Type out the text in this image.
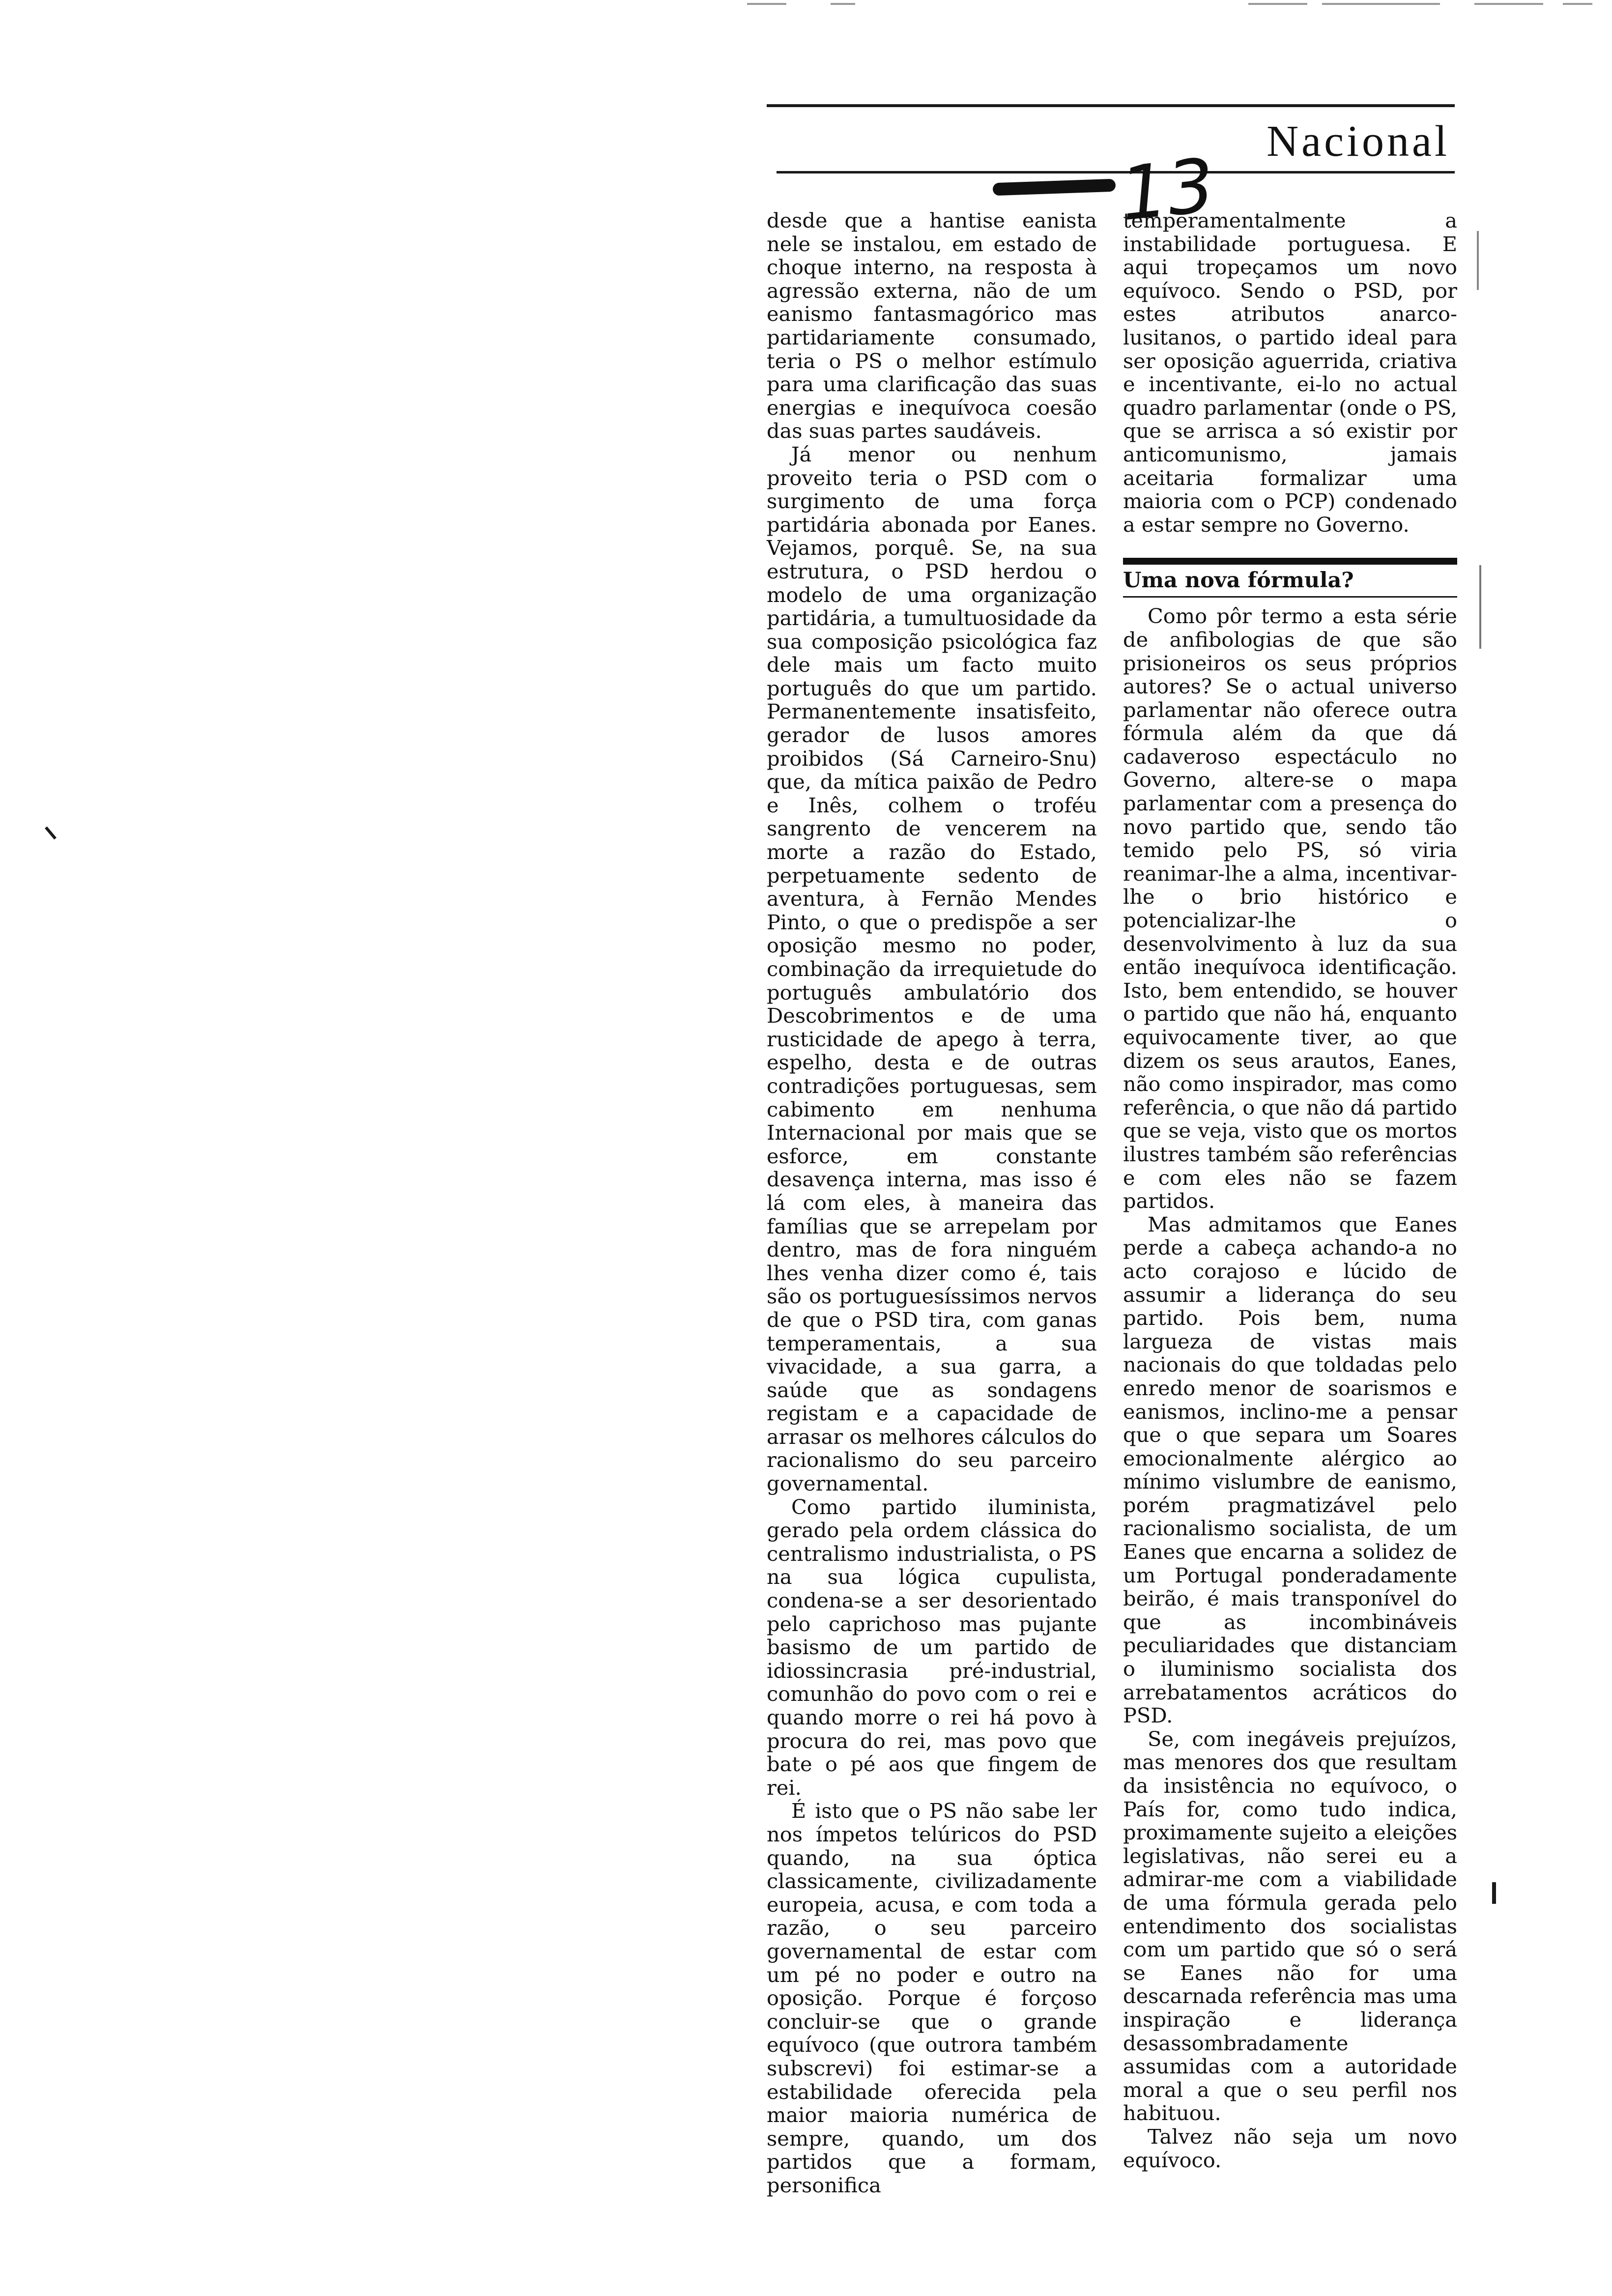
Nacional
13

desde que a hantise eanista nele se instalou, em estado de choque interno, na resposta à agressão externa, não de um eanismo fantasmagórico mas partidariamente consumado, teria o PS o melhor estímulo para uma clarificação das suas energias e inequívoca coesão das suas partes saudáveis.

Já menor ou nenhum proveito teria o PSD com o surgimento de uma força partidária abonada por Eanes. Vejamos, porquê. Se, na sua estrutura, o PSD herdou o modelo de uma organização partidária, a tumultuosidade da sua composição psicológica faz dele mais um facto muito português do que um partido. Permanentemente insatisfeito, gerador de lusos amores proibidos (Sá Carneiro-Snu) que, da mítica paixão de Pedro e Inês, colhem o troféu sangrento de vencerem na morte a razão do Estado, perpetuamente sedento de aventura, à Fernão Mendes Pinto, o que o predispõe a ser oposição mesmo no poder, combinação da irrequietude do português ambulatório dos Descobrimentos e de uma rusticidade de apego à terra, espelho, desta e de outras contradições portuguesas, sem cabimento em nenhuma Internacional por mais que se esforce, em constante desavença interna, mas isso é lá com eles, à maneira das famílias que se arrepelam por dentro, mas de fora ninguém lhes venha dizer como é, tais são os portuguesíssimos nervos de que o PSD tira, com ganas temperamentais, a sua vivacidade, a sua garra, a saúde que as sondagens registam e a capacidade de arrasar os melhores cálculos do racionalismo do seu parceiro governamental.

Como partido iluminista, gerado pela ordem clássica do centralismo industrialista, o PS na sua lógica cupulista, condena-se a ser desorientado pelo caprichoso mas pujante basismo de um partido de idiossincrasia pré-industrial, comunhão do povo com o rei e quando morre o rei há povo à procura do rei, mas povo que bate o pé aos que fingem de rei.

É isto que o PS não sabe ler nos ímpetos telúricos do PSD quando, na sua óptica classicamente, civilizadamente europeia, acusa, e com toda a razão, o seu parceiro governamental de estar com um pé no poder e outro na oposição. Porque é forçoso concluir-se que o grande equívoco (que outrora também subscrevi) foi estimar-se a estabilidade oferecida pela maior maioria numérica de sempre, quando, um dos partidos que a formam, personifica

temperamentalmente a instabilidade portuguesa. E aqui tropeçamos um novo equívoco. Sendo o PSD, por estes atributos anarco-lusitanos, o partido ideal para ser oposição aguerrida, criativa e incentivante, ei-lo no actual quadro parlamentar (onde o PS, que se arrisca a só existir por anticomunismo, jamais aceitaria formalizar uma maioria com o PCP) condenado a estar sempre no Governo.

Uma nova fórmula?

Como pôr termo a esta série de anfibologias de que são prisioneiros os seus próprios autores? Se o actual universo parlamentar não oferece outra fórmula além da que dá cadaveroso espectáculo no Governo, altere-se o mapa parlamentar com a presença do novo partido que, sendo tão temido pelo PS, só viria reanimar-lhe a alma, incentivar-lhe o brio histórico e potencializar-lhe o desenvolvimento à luz da sua então inequívoca identificação. Isto, bem entendido, se houver o partido que não há, enquanto equivocamente tiver, ao que dizem os seus arautos, Eanes, não como inspirador, mas como referência, o que não dá partido que se veja, visto que os mortos ilustres também são referências e com eles não se fazem partidos.

Mas admitamos que Eanes perde a cabeça achando-a no acto corajoso e lúcido de assumir a liderança do seu partido. Pois bem, numa largueza de vistas mais nacionais do que toldadas pelo enredo menor de soarismos e eanismos, inclino-me a pensar que o que separa um Soares emocionalmente alérgico ao mínimo vislumbre de eanismo, porém pragmatizável pelo racionalismo socialista, de um Eanes que encarna a solidez de um Portugal ponderadamente beirão, é mais transponível do que as incombináveis peculiaridades que distanciam o iluminismo socialista dos arrebatamentos acráticos do PSD.

Se, com inegáveis prejuízos, mas menores dos que resultam da insistência no equívoco, o País for, como tudo indica, proximamente sujeito a eleições legislativas, não serei eu a admirar-me com a viabilidade de uma fórmula gerada pelo entendimento dos socialistas com um partido que só o será se Eanes não for uma descarnada referência mas uma inspiração e liderança desassombradamente assumidas com a autoridade moral a que o seu perfil nos habituou.

Talvez não seja um novo equívoco.
